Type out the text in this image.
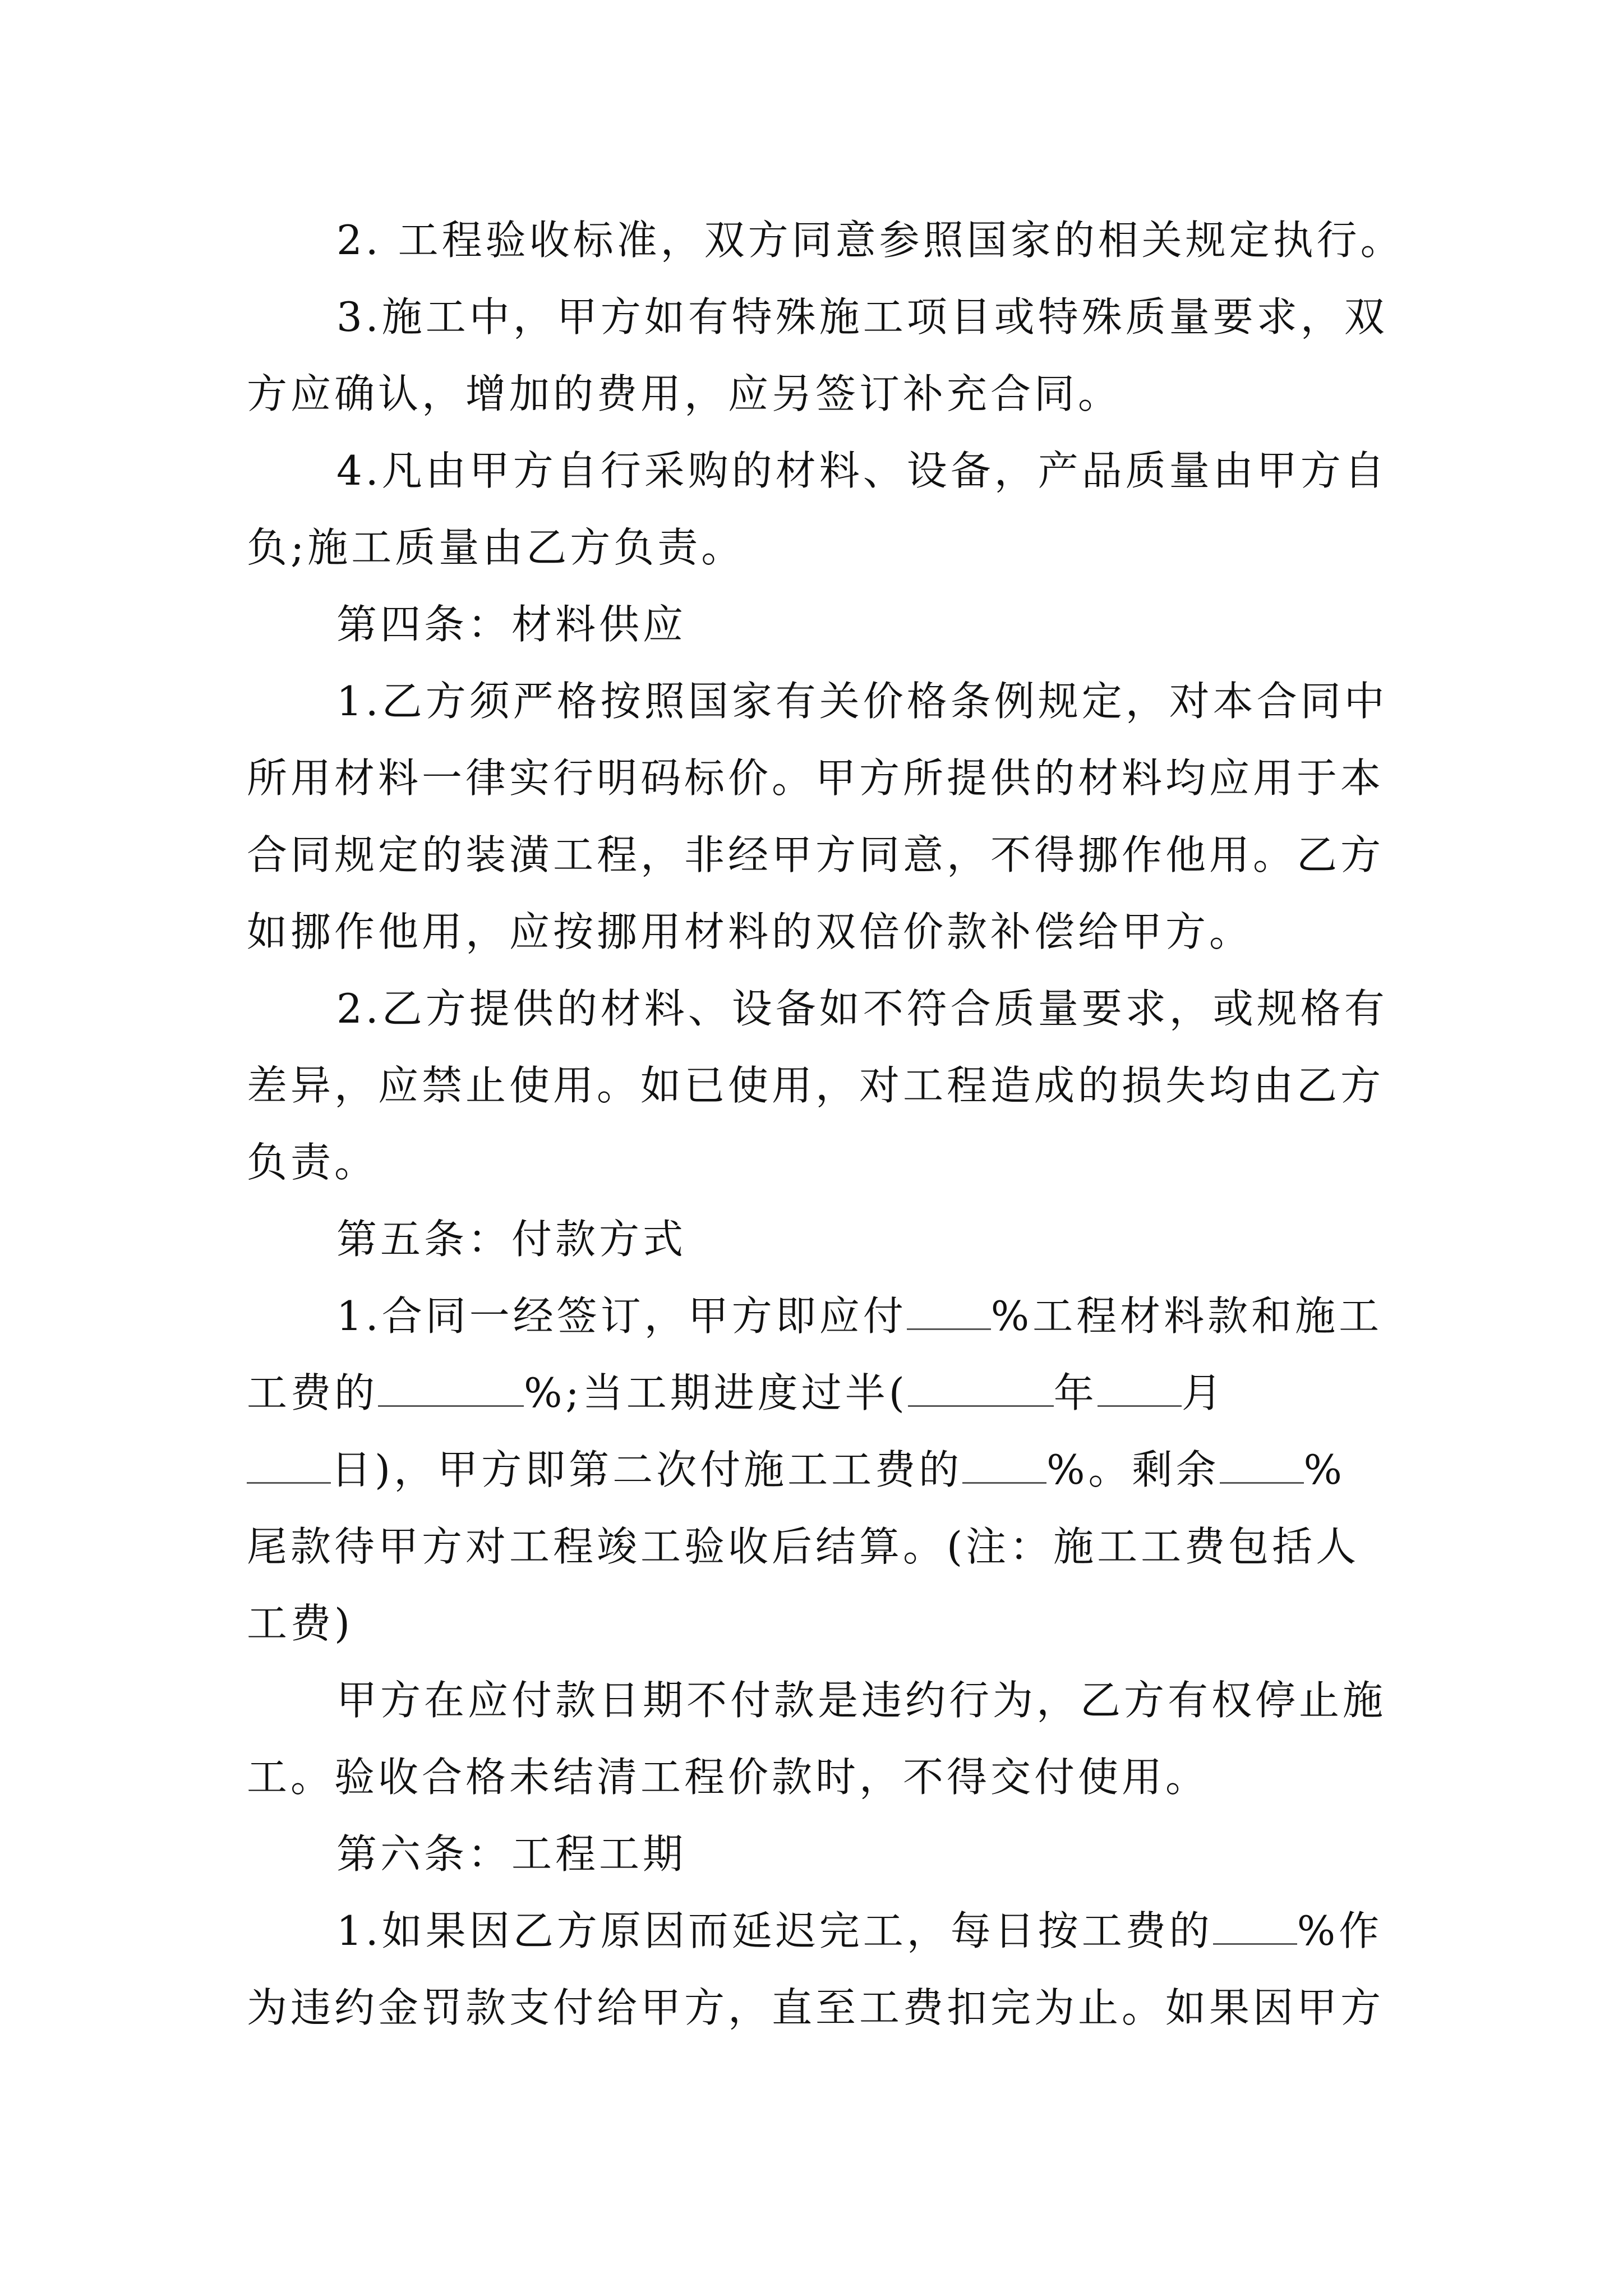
2. 工程验收标准，双方同意参照国家的相关规定执行。
3.施工中，甲方如有特殊施工项目或特殊质量要求，双
方应确认，增加的费用，应另签订补充合同。
4.凡由甲方自行采购的材料、设备，产品质量由甲方自
负;施工质量由乙方负责。
第四条：材料供应
1.乙方须严格按照国家有关价格条例规定，对本合同中
所用材料一律实行明码标价。甲方所提供的材料均应用于本
合同规定的装潢工程，非经甲方同意，不得挪作他用。乙方
如挪作他用，应按挪用材料的双倍价款补偿给甲方。
2.乙方提供的材料、设备如不符合质量要求，或规格有
差异，应禁止使用。如已使用，对工程造成的损失均由乙方
负责。
第五条：付款方式
1.合同一经签订，甲方即应付 %工程材料款和施工
工费的	%;当工期进度过半(	年 月
日)，甲方即第二次付施工工费的 %。剩余 %
尾款待甲方对工程竣工验收后结算。(注：施工工费包括人
工费)
甲方在应付款日期不付款是违约行为，乙方有权停止施
工。验收合格未结清工程价款时，不得交付使用。
第六条：工程工期
1.如果因乙方原因而延迟完工，每日按工费的 %作
为违约金罚款支付给甲方，直至工费扣完为止。如果因甲方
